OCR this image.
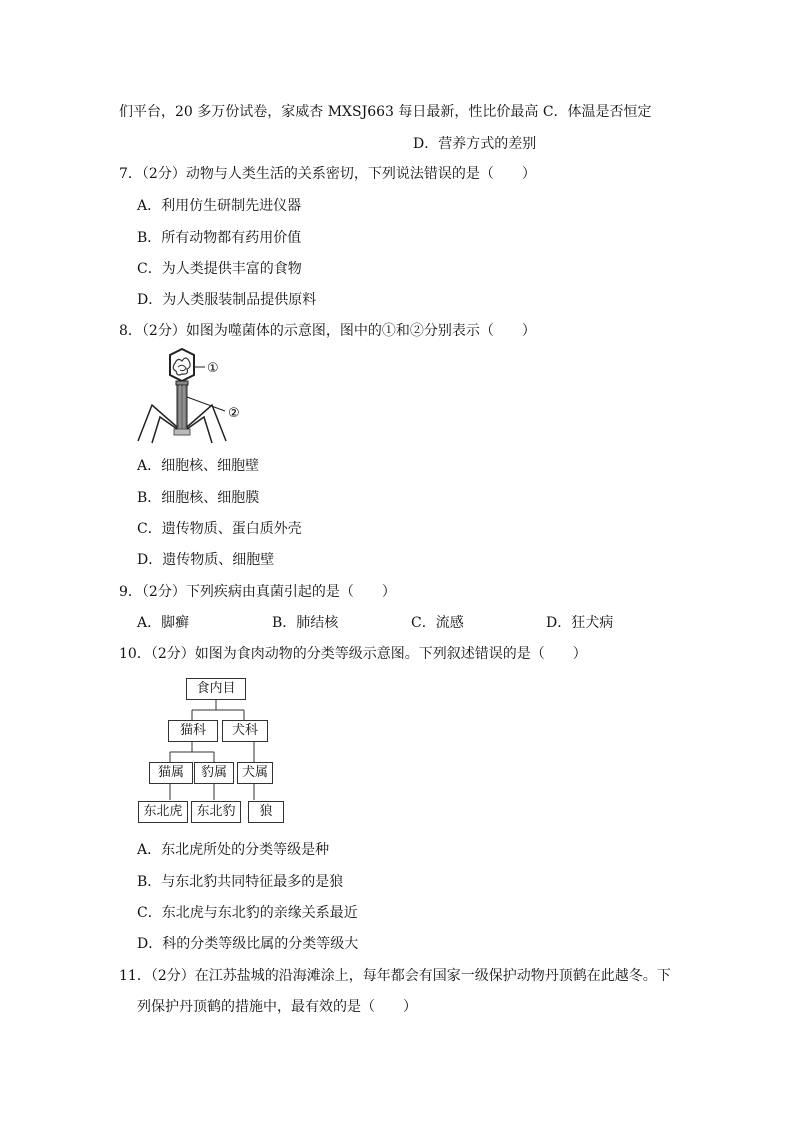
们平台，20 多万份试卷，家威杏 MXSJ663 每日最新，性比价最高 C．体温是否恒定
D．营养方式的差别
7．（2分）动物与人类生活的关系密切，下列说法错误的是（　　）
A．利用仿生研制先进仪器
B．所有动物都有药用价值
C．为人类提供丰富的食物
D．为人类服装制品提供原料
8．（2分）如图为噬菌体的示意图，图中的①和②分别表示（　　）
①
②
A．细胞核、细胞壁
B．细胞核、细胞膜
C．遗传物质、蛋白质外壳
D．遗传物质、细胞壁
9．（2分）下列疾病由真菌引起的是（　　）
A．脚癣	B．肺结核	C．流感	D．狂犬病
10．（2分）如图为食肉动物的分类等级示意图。下列叙述错误的是（　　）
食内目
猫科	犬科
猫属	豹属	犬属
东北虎	东北豹	狼
A．东北虎所处的分类等级是种
B．与东北豹共同特征最多的是狼
C．东北虎与东北豹的亲缘关系最近
D．科的分类等级比属的分类等级大
11．（2分）在江苏盐城的沿海滩涂上，每年都会有国家一级保护动物丹顶鹤在此越冬。下
列保护丹顶鹤的措施中，最有效的是（　　）
